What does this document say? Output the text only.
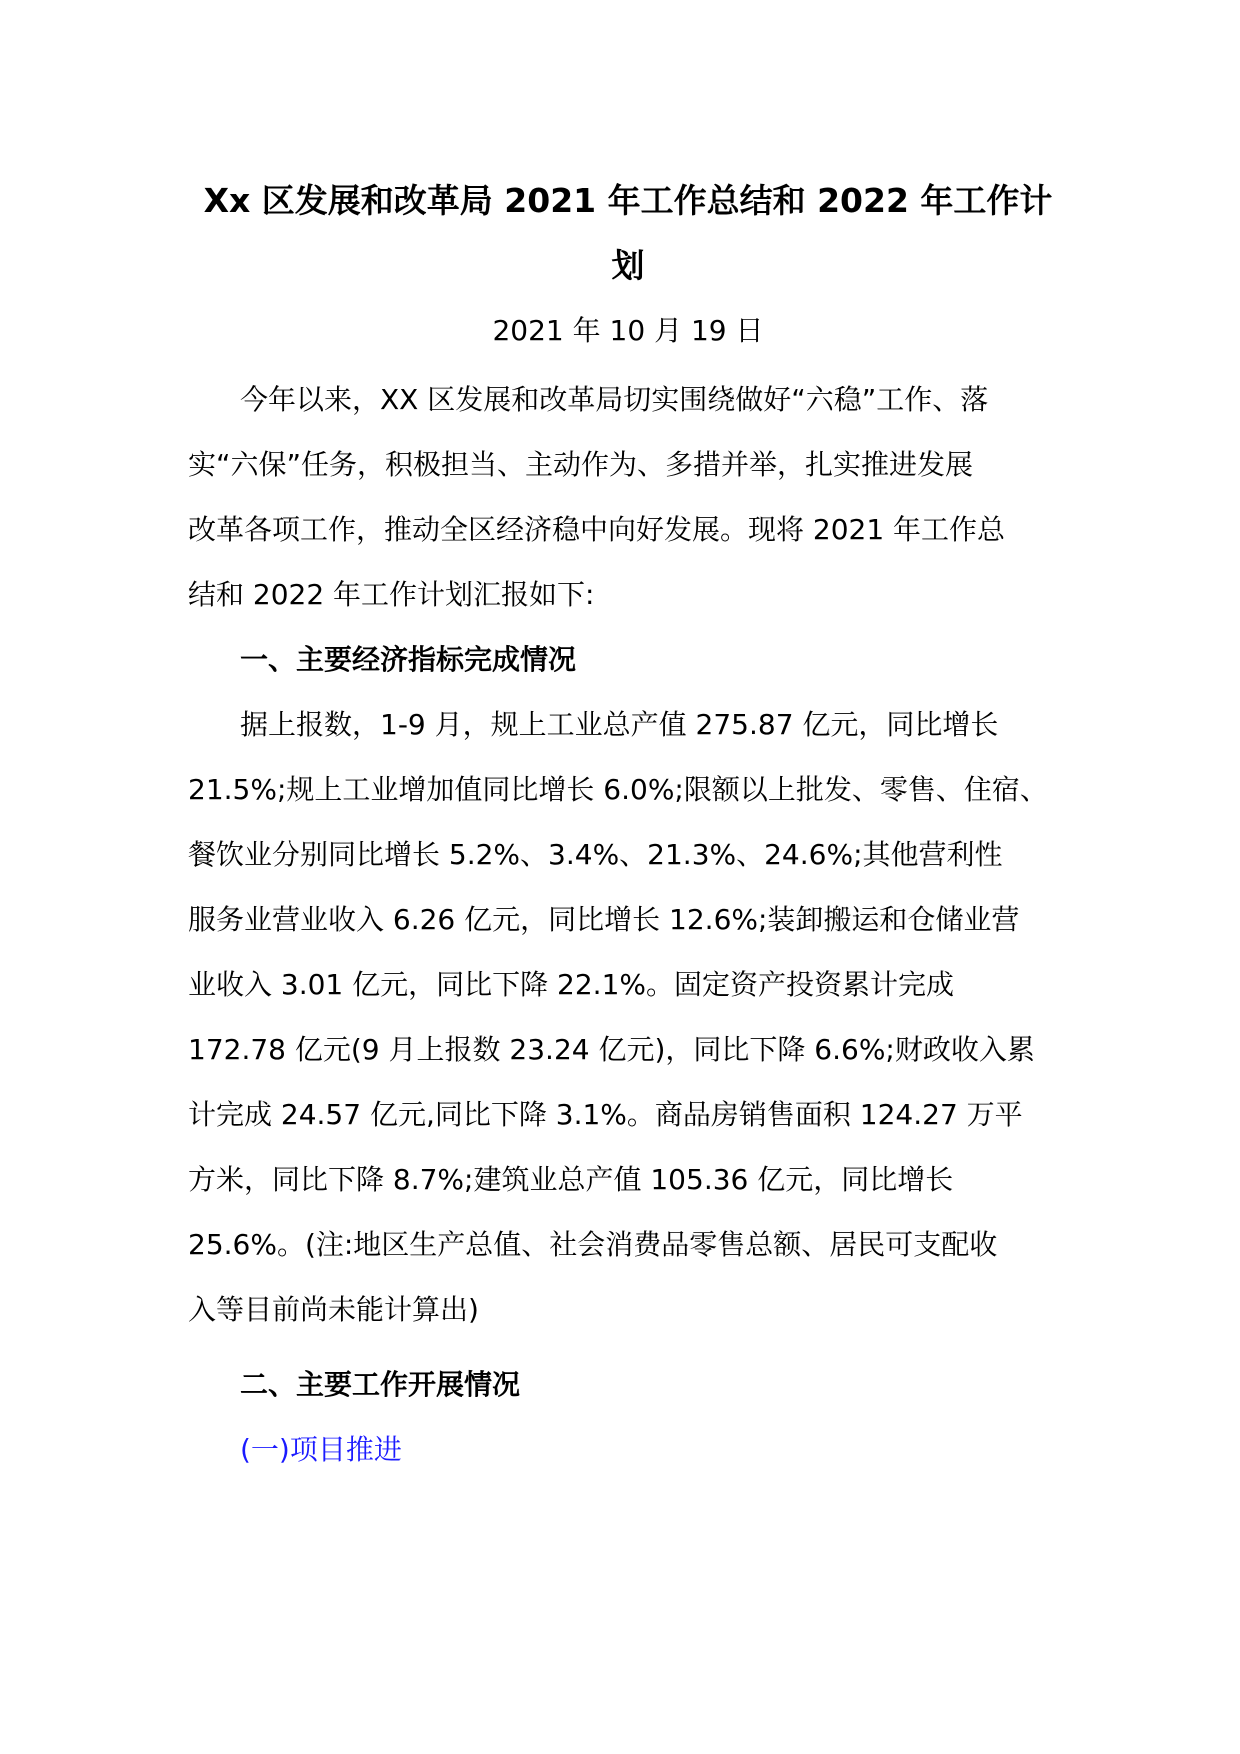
Xx 区发展和改革局 2021 年工作总结和 2022 年工作计
划

2021 年 10 月 19 日

今年以来，XX 区发展和改革局切实围绕做好“六稳”工作、落
实“六保”任务，积极担当、主动作为、多措并举，扎实推进发展
改革各项工作，推动全区经济稳中向好发展。现将 2021 年工作总
结和 2022 年工作计划汇报如下:

一、主要经济指标完成情况

据上报数，1-9 月，规上工业总产值 275.87 亿元，同比增长
21.5%;规上工业增加值同比增长 6.0%;限额以上批发、零售、住宿、
餐饮业分别同比增长 5.2%、3.4%、21.3%、24.6%;其他营利性
服务业营业收入 6.26 亿元，同比增长 12.6%;装卸搬运和仓储业营
业收入 3.01 亿元，同比下降 22.1%。固定资产投资累计完成
172.78 亿元(9 月上报数 23.24 亿元)，同比下降 6.6%;财政收入累
计完成 24.57 亿元,同比下降 3.1%。商品房销售面积 124.27 万平
方米，同比下降 8.7%;建筑业总产值 105.36 亿元，同比增长
25.6%。(注:地区生产总值、社会消费品零售总额、居民可支配收
入等目前尚未能计算出)

二、主要工作开展情况

(一)项目推进
